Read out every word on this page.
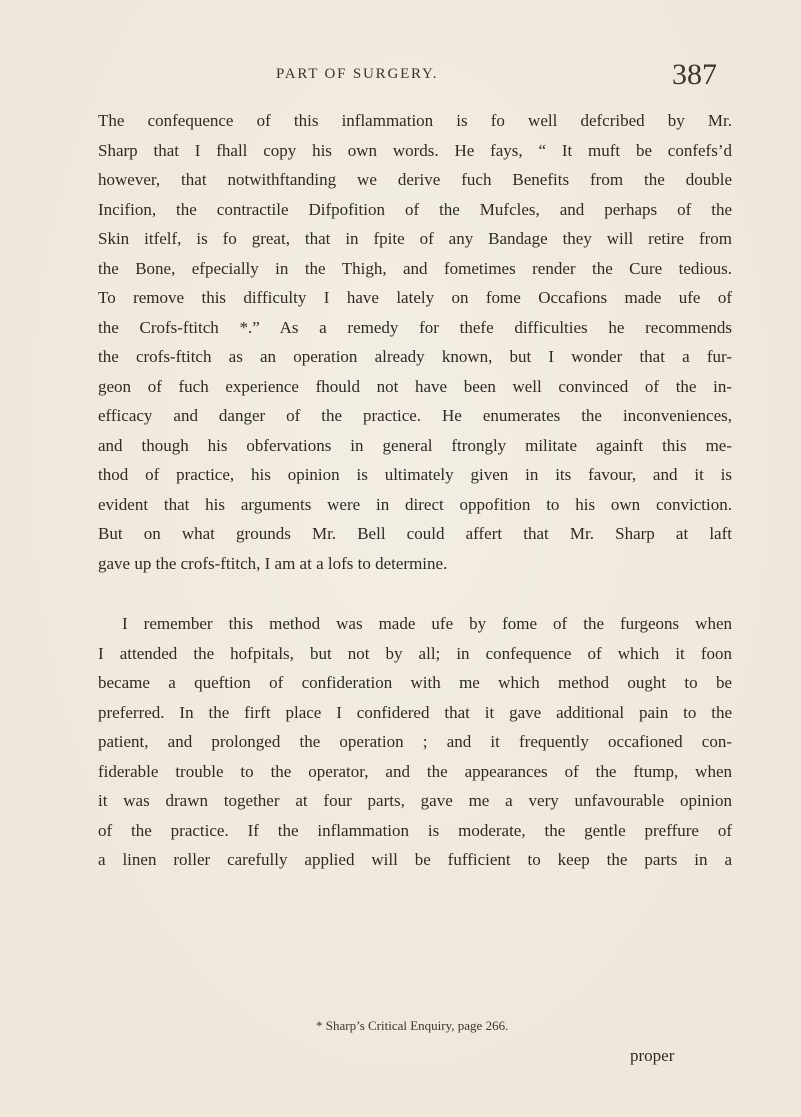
PART OF SURGERY.	387
The confequence of this inflammation is fo well defcribed by Mr.
Sharp that I fhall copy his own words. He fays, “ It muft be confefs’d
however, that notwithftanding we derive fuch Benefits from the double
Incifion, the contractile Difpofition of the Mufcles, and perhaps of the
Skin itfelf, is fo great, that in fpite of any Bandage they will retire from
the Bone, efpecially in the Thigh, and fometimes render the Cure tedious.
To remove this difficulty I have lately on fome Occafions made ufe of
the Crofs-ftitch *.” As a remedy for thefe difficulties he recommends
the crofs-ftitch as an operation already known, but I wonder that a fur-
geon of fuch experience fhould not have been well convinced of the in-
efficacy and danger of the practice. He enumerates the inconveniences,
and though his obfervations in general ftrongly militate againft this me-
thod of practice, his opinion is ultimately given in its favour, and it is
evident that his arguments were in direct oppofition to his own conviction.
But on what grounds Mr. Bell could affert that Mr. Sharp at laft
gave up the crofs-ftitch, I am at a lofs to determine.
I remember this method was made ufe by fome of the furgeons when
I attended the hofpitals, but not by all; in confequence of which it foon
became a queftion of confideration with me which method ought to be
preferred. In the firft place I confidered that it gave additional pain to the
patient, and prolonged the operation ; and it frequently occafioned con-
fiderable trouble to the operator, and the appearances of the ftump, when
it was drawn together at four parts, gave me a very unfavourable opinion
of the practice. If the inflammation is moderate, the gentle preffure of
a linen roller carefully applied will be fufficient to keep the parts in a
* Sharp’s Critical Enquiry, page 266.
proper
